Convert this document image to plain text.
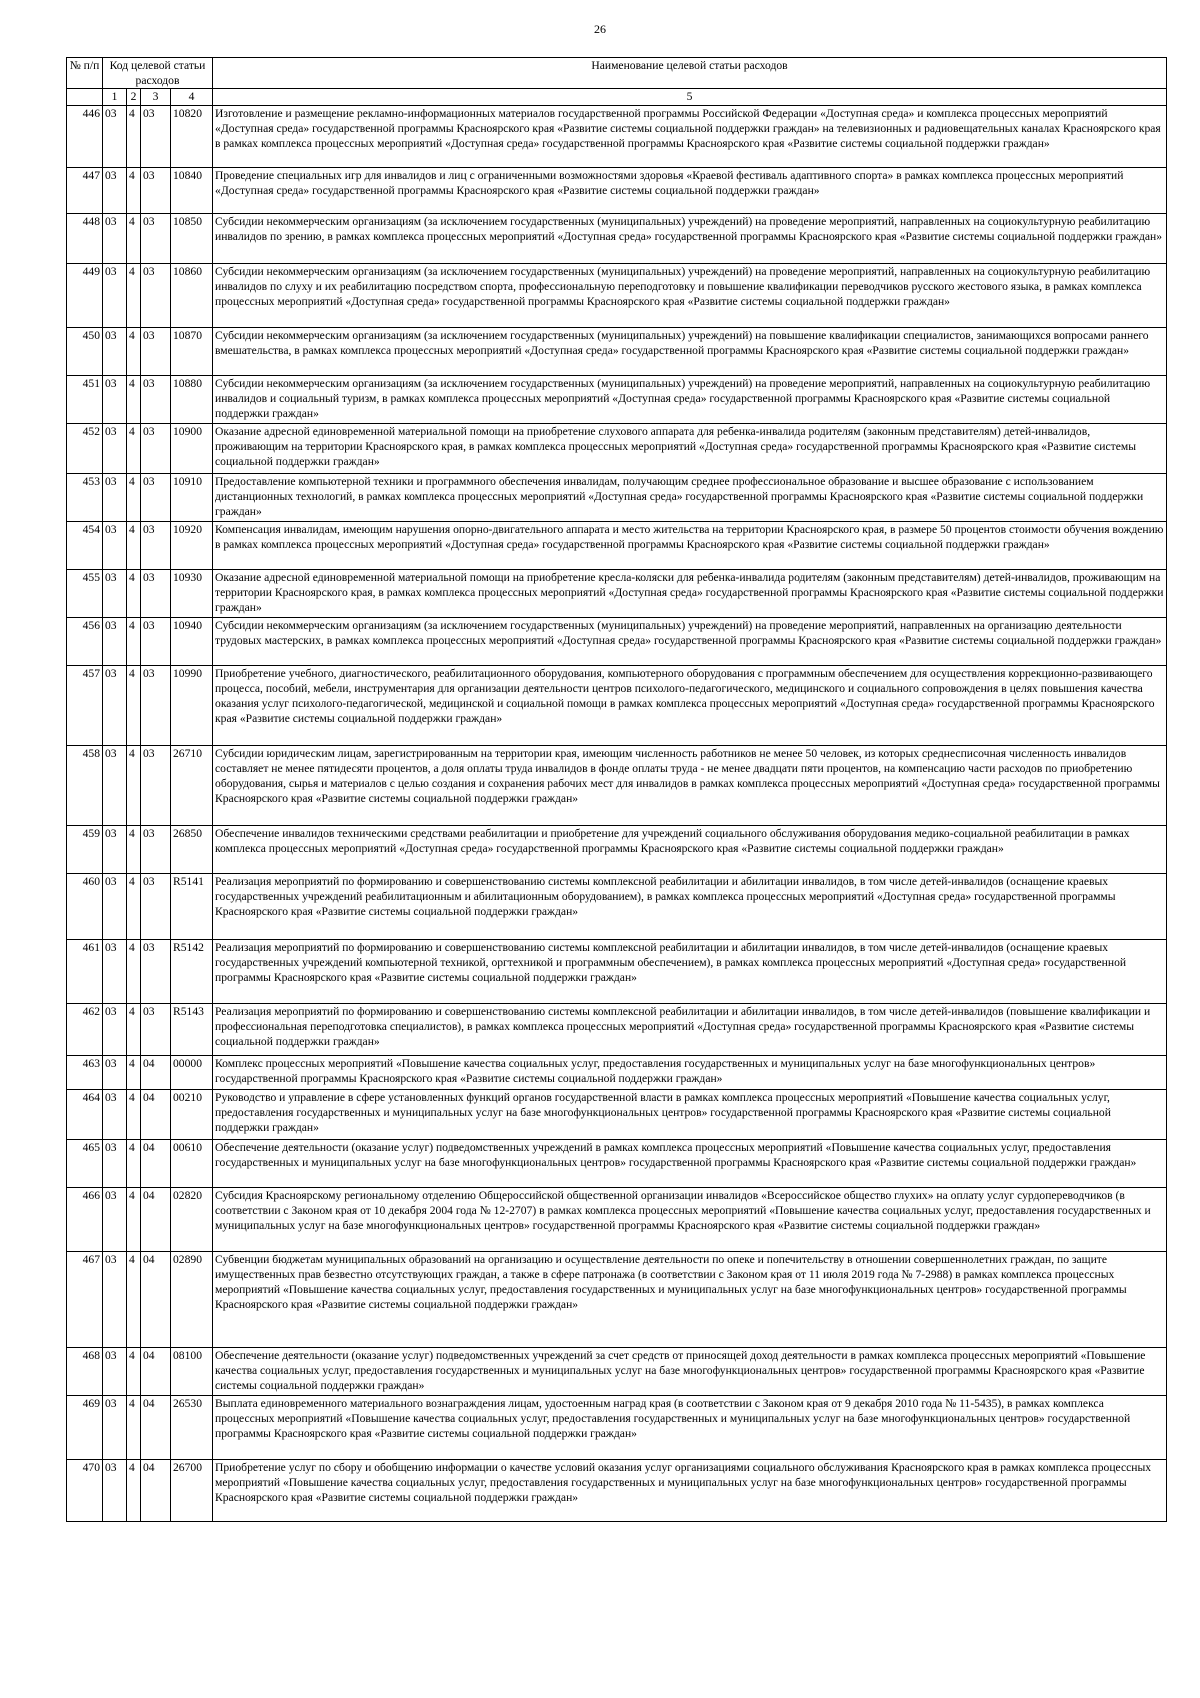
26
№ п/п	Код целевой статьи расходов				Наименование целевой статьи расходов

	1	2	3	4	5
446	03	4	03	10820	Изготовление и размещение рекламно-информационных материалов государственной программы Российской Федерации «Доступная среда» и комплекса процессных мероприятий «Доступная среда» государственной программы Красноярского края «Развитие системы социальной поддержки граждан» на телевизионных и радиовещательных каналах Красноярского края в рамках комплекса процессных мероприятий «Доступная среда» государственной программы Красноярского края «Развитие системы социальной поддержки граждан»
447	03	4	03	10840	Проведение специальных игр для инвалидов и лиц с ограниченными возможностями здоровья «Краевой фестиваль адаптивного спорта» в рамках комплекса процессных мероприятий «Доступная среда» государственной программы Красноярского края «Развитие системы социальной поддержки граждан»
448	03	4	03	10850	Субсидии некоммерческим организациям (за исключением государственных (муниципальных) учреждений) на проведение мероприятий, направленных на социокультурную реабилитацию инвалидов по зрению, в рамках комплекса процессных мероприятий «Доступная среда» государственной программы Красноярского края «Развитие системы социальной поддержки граждан»
449	03	4	03	10860	Субсидии некоммерческим организациям (за исключением государственных (муниципальных) учреждений) на проведение мероприятий, направленных на социокультурную реабилитацию инвалидов по слуху и их реабилитацию посредством спорта, профессиональную переподготовку и повышение квалификации переводчиков русского жестового языка, в рамках комплекса процессных мероприятий «Доступная среда» государственной программы Красноярского края «Развитие системы социальной поддержки граждан»
450	03	4	03	10870	Субсидии некоммерческим организациям (за исключением государственных (муниципальных) учреждений) на повышение квалификации специалистов, занимающихся вопросами раннего вмешательства, в рамках комплекса процессных мероприятий «Доступная среда» государственной программы Красноярского края «Развитие системы социальной поддержки граждан»
451	03	4	03	10880	Субсидии некоммерческим организациям (за исключением государственных (муниципальных) учреждений) на проведение мероприятий, направленных на социокультурную реабилитацию инвалидов и социальный туризм, в рамках комплекса процессных мероприятий «Доступная среда» государственной программы Красноярского края «Развитие системы социальной поддержки граждан»
452	03	4	03	10900	Оказание адресной единовременной материальной помощи на приобретение слухового аппарата для ребенка-инвалида родителям (законным представителям) детей-инвалидов, проживающим на территории Красноярского края, в рамках комплекса процессных мероприятий «Доступная среда» государственной программы Красноярского края «Развитие системы социальной поддержки граждан»
453	03	4	03	10910	Предоставление компьютерной техники и программного обеспечения инвалидам, получающим среднее профессиональное образование и высшее образование с использованием дистанционных технологий, в рамках комплекса процессных мероприятий «Доступная среда» государственной программы Красноярского края «Развитие системы социальной поддержки граждан»
454	03	4	03	10920	Компенсация инвалидам, имеющим нарушения опорно-двигательного аппарата и место жительства на территории Красноярского края, в размере 50 процентов стоимости обучения вождению в рамках комплекса процессных мероприятий «Доступная среда» государственной программы Красноярского края «Развитие системы социальной поддержки граждан»
455	03	4	03	10930	Оказание адресной единовременной материальной помощи на приобретение кресла-коляски для ребенка-инвалида родителям (законным представителям) детей-инвалидов, проживающим на территории Красноярского края, в рамках комплекса процессных мероприятий «Доступная среда» государственной программы Красноярского края «Развитие системы социальной поддержки граждан»
456	03	4	03	10940	Субсидии некоммерческим организациям (за исключением государственных (муниципальных) учреждений) на проведение мероприятий, направленных на организацию деятельности трудовых мастерских, в рамках комплекса процессных мероприятий «Доступная среда» государственной программы Красноярского края «Развитие системы социальной поддержки граждан»
457	03	4	03	10990	Приобретение учебного, диагностического, реабилитационного оборудования, компьютерного оборудования с программным обеспечением для осуществления коррекционно-развивающего процесса, пособий, мебели, инструментария для организации деятельности центров психолого-педагогического, медицинского и социального сопровождения в целях повышения качества оказания услуг психолого-педагогической, медицинской и социальной помощи в рамках комплекса процессных мероприятий «Доступная среда» государственной программы Красноярского края «Развитие системы социальной поддержки граждан»
458	03	4	03	26710	Субсидии юридическим лицам, зарегистрированным на территории края, имеющим численность работников не менее 50 человек, из которых среднесписочная численность инвалидов составляет не менее пятидесяти процентов, а доля оплаты труда инвалидов в фонде оплаты труда - не менее двадцати пяти процентов, на компенсацию части расходов по приобретению оборудования, сырья и материалов с целью создания и сохранения рабочих мест для инвалидов в рамках комплекса процессных мероприятий «Доступная среда» государственной программы Красноярского края «Развитие системы социальной поддержки граждан»
459	03	4	03	26850	Обеспечение инвалидов техническими средствами реабилитации и приобретение для учреждений социального обслуживания оборудования медико-социальной реабилитации в рамках комплекса процессных мероприятий «Доступная среда» государственной программы Красноярского края «Развитие системы социальной поддержки граждан»
460	03	4	03	R5141	Реализация мероприятий по формированию и совершенствованию системы комплексной реабилитации и абилитации инвалидов, в том числе детей-инвалидов (оснащение краевых государственных учреждений реабилитационным и абилитационным оборудованием), в рамках комплекса процессных мероприятий «Доступная среда» государственной программы Красноярского края «Развитие системы социальной поддержки граждан»
461	03	4	03	R5142	Реализация мероприятий по формированию и совершенствованию системы комплексной реабилитации и абилитации инвалидов, в том числе детей-инвалидов (оснащение краевых государственных учреждений компьютерной техникой, оргтехникой и программным обеспечением), в рамках комплекса процессных мероприятий «Доступная среда» государственной программы Красноярского края «Развитие системы социальной поддержки граждан»
462	03	4	03	R5143	Реализация мероприятий по формированию и совершенствованию системы комплексной реабилитации и абилитации инвалидов, в том числе детей-инвалидов (повышение квалификации и профессиональная переподготовка специалистов), в рамках комплекса процессных мероприятий «Доступная среда» государственной программы Красноярского края «Развитие системы социальной поддержки граждан»
463	03	4	04	00000	Комплекс процессных мероприятий «Повышение качества социальных услуг, предоставления государственных и муниципальных услуг на базе многофункциональных центров» государственной программы Красноярского края «Развитие системы социальной поддержки граждан»
464	03	4	04	00210	Руководство и управление в сфере установленных функций органов государственной власти в рамках комплекса процессных мероприятий «Повышение качества социальных услуг, предоставления государственных и муниципальных услуг на базе многофункциональных центров» государственной программы Красноярского края «Развитие системы социальной поддержки граждан»
465	03	4	04	00610	Обеспечение деятельности (оказание услуг) подведомственных учреждений в рамках комплекса процессных мероприятий «Повышение качества социальных услуг, предоставления государственных и муниципальных услуг на базе многофункциональных центров» государственной программы Красноярского края «Развитие системы социальной поддержки граждан»
466	03	4	04	02820	Субсидия Красноярскому региональному отделению Общероссийской общественной организации инвалидов «Всероссийское общество глухих» на оплату услуг сурдопереводчиков (в соответствии с Законом края от 10 декабря 2004 года № 12-2707) в рамках комплекса процессных мероприятий «Повышение качества социальных услуг, предоставления государственных и муниципальных услуг на базе многофункциональных центров» государственной программы Красноярского края «Развитие системы социальной поддержки граждан»
467	03	4	04	02890	Субвенции бюджетам муниципальных образований на организацию и осуществление деятельности по опеке и попечительству в отношении совершеннолетних граждан, по защите имущественных прав безвестно отсутствующих граждан, а также в сфере патронажа (в соответствии с Законом края от 11 июля 2019 года № 7-2988) в рамках комплекса процессных мероприятий «Повышение качества социальных услуг, предоставления государственных и муниципальных услуг на базе многофункциональных центров» государственной программы Красноярского края «Развитие системы социальной поддержки граждан»
468	03	4	04	08100	Обеспечение деятельности (оказание услуг) подведомственных учреждений за счет средств от приносящей доход деятельности в рамках комплекса процессных мероприятий «Повышение качества социальных услуг, предоставления государственных и муниципальных услуг на базе многофункциональных центров» государственной программы Красноярского края «Развитие системы социальной поддержки граждан»
469	03	4	04	26530	Выплата единовременного материального вознаграждения лицам, удостоенным наград края (в соответствии с Законом края от 9 декабря 2010 года № 11-5435), в рамках комплекса процессных мероприятий «Повышение качества социальных услуг, предоставления государственных и муниципальных услуг на базе многофункциональных центров» государственной программы Красноярского края «Развитие системы социальной поддержки граждан»
470	03	4	04	26700	Приобретение услуг по сбору и обобщению информации о качестве условий оказания услуг организациями социального обслуживания Красноярского края в рамках комплекса процессных мероприятий «Повышение качества социальных услуг, предоставления государственных и муниципальных услуг на базе многофункциональных центров» государственной программы Красноярского края «Развитие системы социальной поддержки граждан»
